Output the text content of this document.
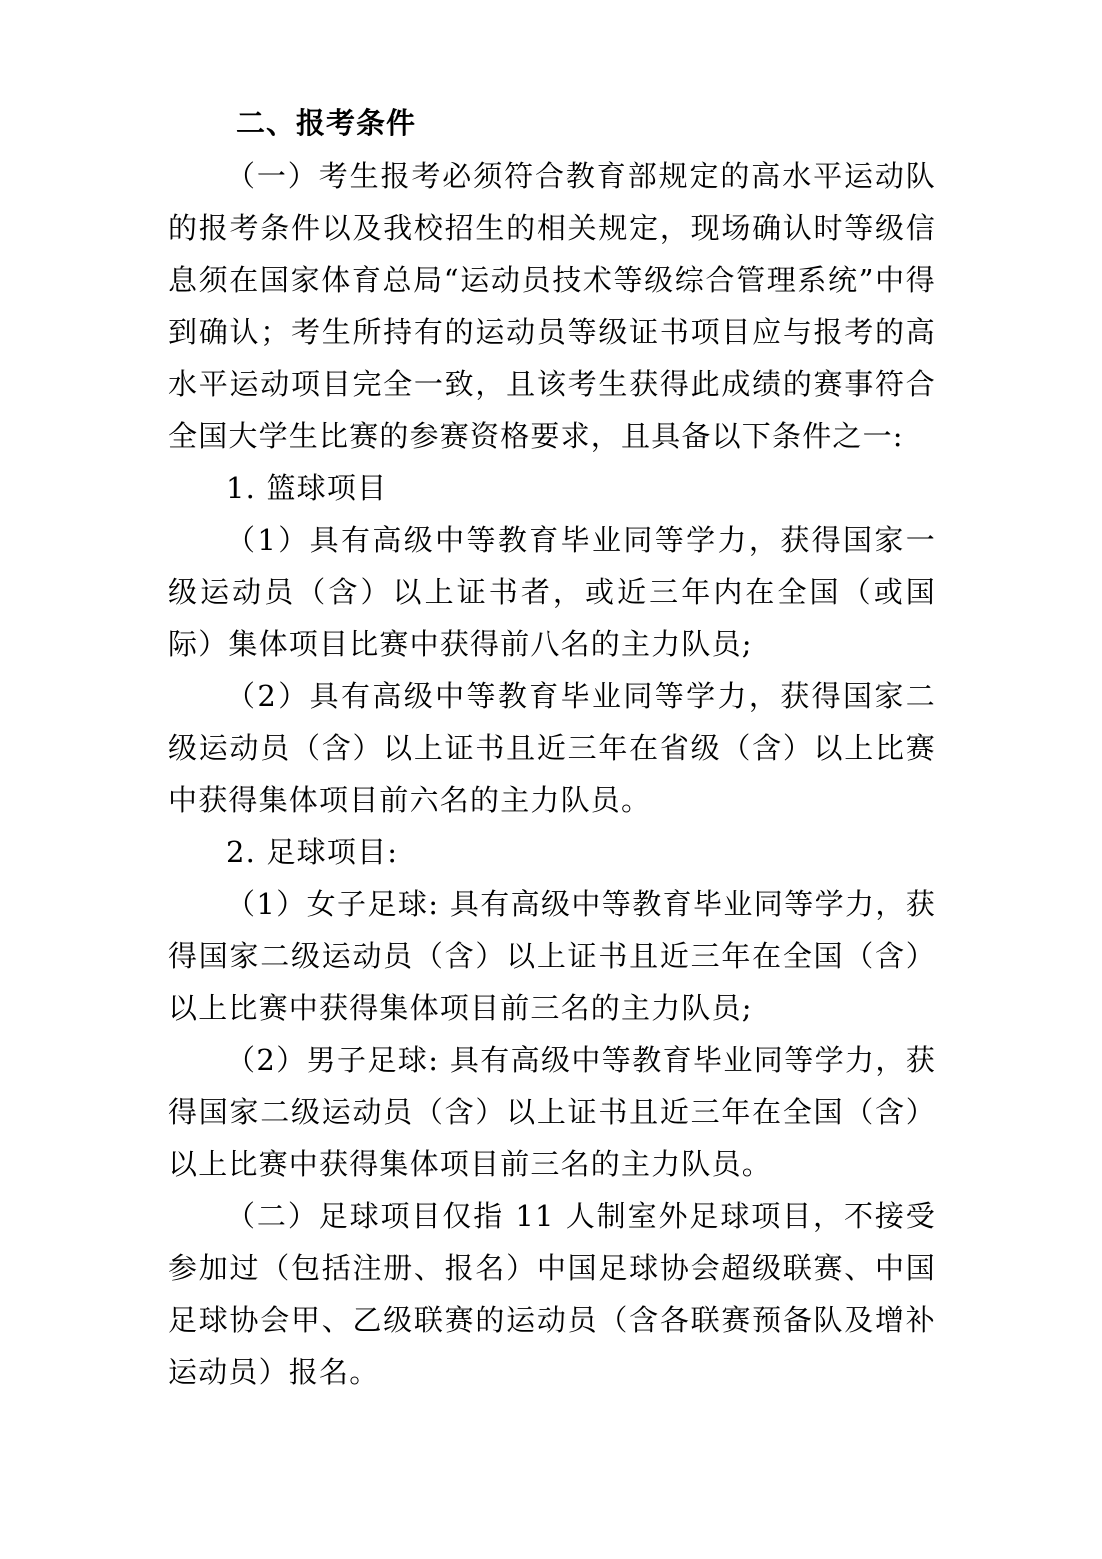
二、报考条件

（一）考生报考必须符合教育部规定的高水平运动队的报考条件以及我校招生的相关规定，现场确认时等级信息须在国家体育总局“运动员技术等级综合管理系统”中得到确认；考生所持有的运动员等级证书项目应与报考的高水平运动项目完全一致，且该考生获得此成绩的赛事符合全国大学生比赛的参赛资格要求，且具备以下条件之一:

1. 篮球项目

（1）具有高级中等教育毕业同等学力，获得国家一级运动员（含）以上证书者，或近三年内在全国（或国际）集体项目比赛中获得前八名的主力队员;

（2）具有高级中等教育毕业同等学力，获得国家二级运动员（含）以上证书且近三年在省级（含）以上比赛中获得集体项目前六名的主力队员。

2. 足球项目:

（1）女子足球: 具有高级中等教育毕业同等学力，获得国家二级运动员（含）以上证书且近三年在全国（含）以上比赛中获得集体项目前三名的主力队员;

（2）男子足球: 具有高级中等教育毕业同等学力，获得国家二级运动员（含）以上证书且近三年在全国（含）以上比赛中获得集体项目前三名的主力队员。

（二）足球项目仅指 11 人制室外足球项目，不接受参加过（包括注册、报名）中国足球协会超级联赛、中国足球协会甲、乙级联赛的运动员（含各联赛预备队及增补运动员）报名。
